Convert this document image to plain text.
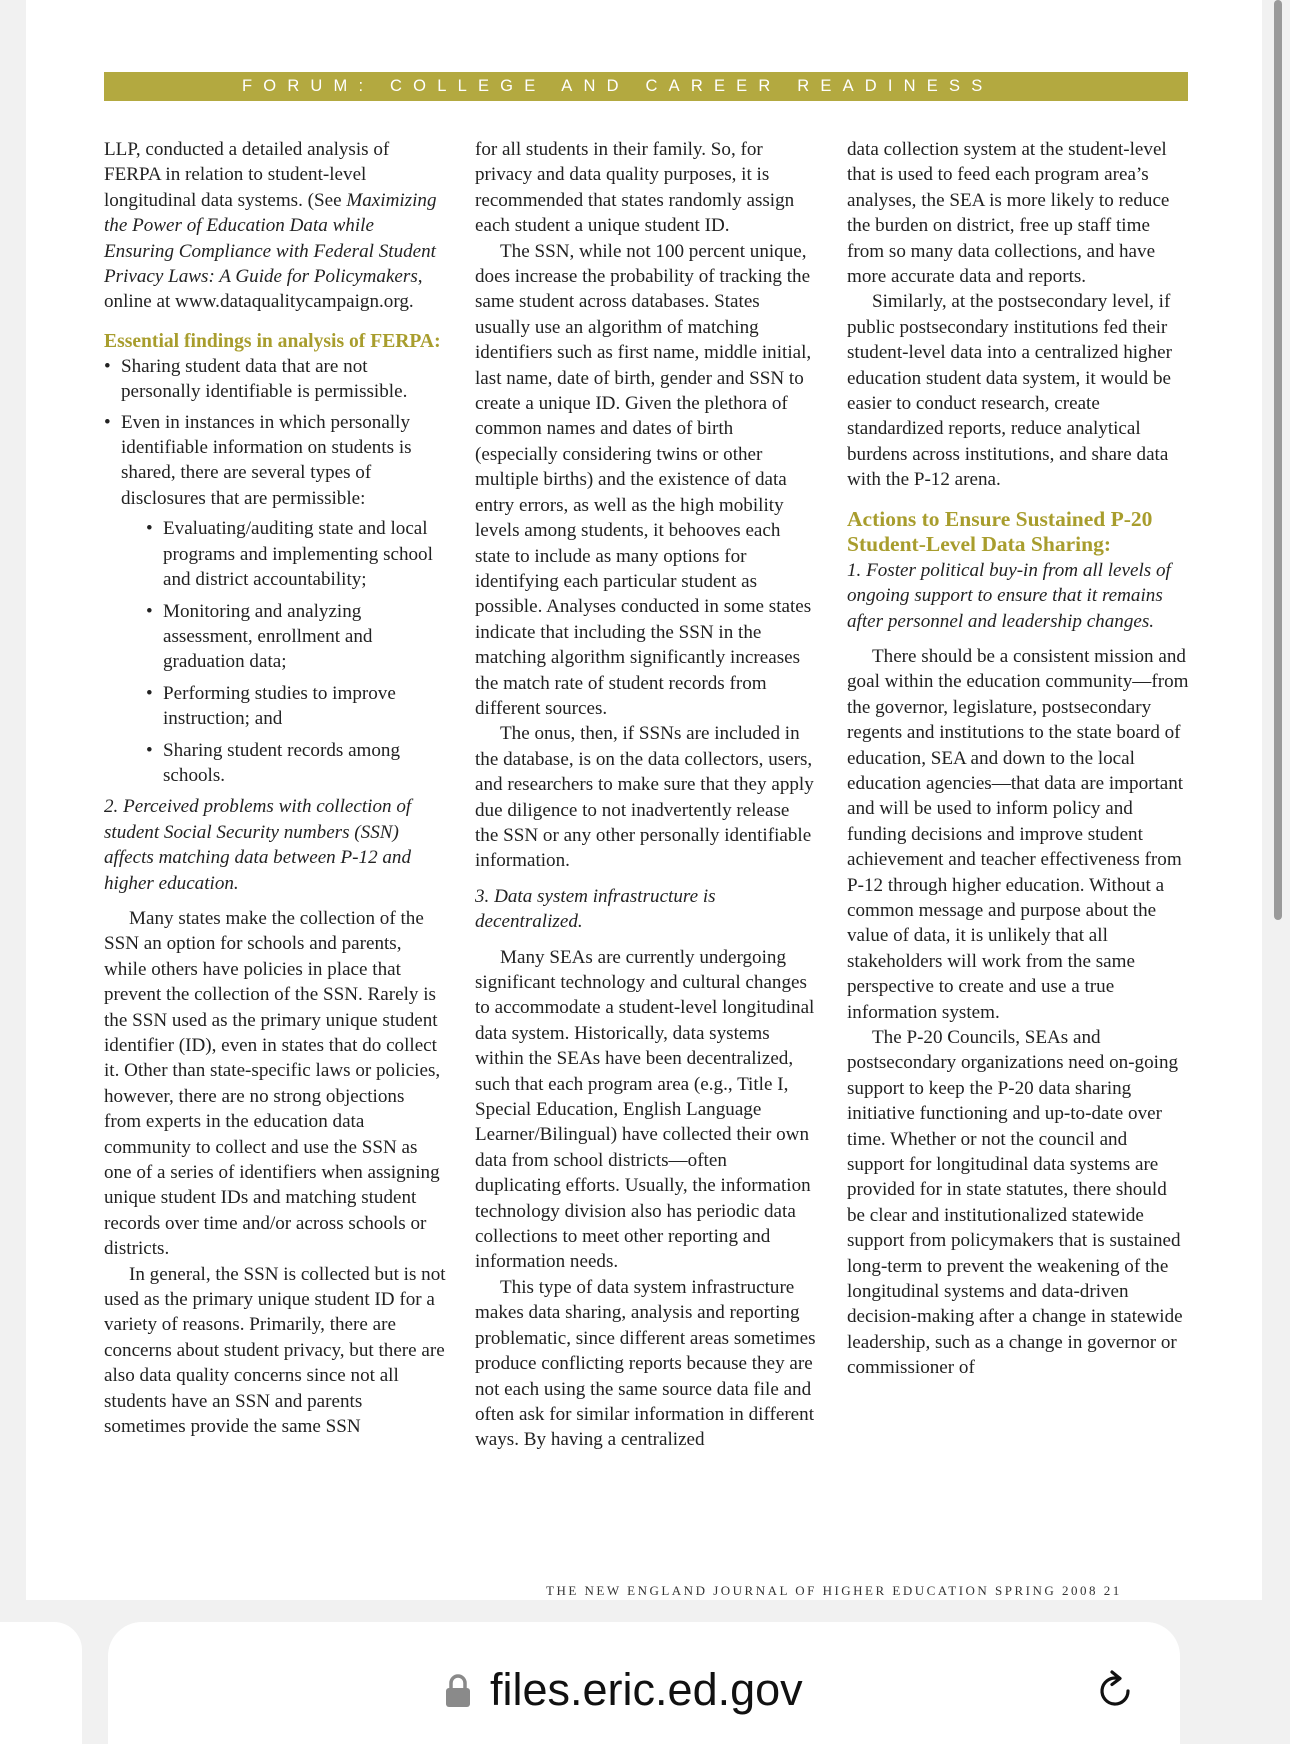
FORUM: COLLEGE AND CAREER READINESS

LLP, conducted a detailed analysis of FERPA in relation to student-level longitudinal data systems. (See Maximizing the Power of Education Data while Ensuring Compliance with Federal Student Privacy Laws: A Guide for Policymakers, online at www.dataqualitycampaign.org.

Essential findings in analysis of FERPA:

• Sharing student data that are not personally identifiable is permissible.
• Even in instances in which personally identifiable information on students is shared, there are several types of disclosures that are permissible:
• Evaluating/auditing state and local programs and implementing school and district accountability;
• Monitoring and analyzing assessment, enrollment and graduation data;
• Performing studies to improve instruction; and
• Sharing student records among schools.

2. Perceived problems with collection of student Social Security numbers (SSN) affects matching data between P-12 and higher education.

Many states make the collection of the SSN an option for schools and parents, while others have policies in place that prevent the collection of the SSN. Rarely is the SSN used as the primary unique student identifier (ID), even in states that do collect it. Other than state-specific laws or policies, however, there are no strong objections from experts in the education data community to collect and use the SSN as one of a series of identifiers when assigning unique student IDs and matching student records over time and/or across schools or districts.

In general, the SSN is collected but is not used as the primary unique student ID for a variety of reasons. Primarily, there are concerns about student privacy, but there are also data quality concerns since not all students have an SSN and parents sometimes provide the same SSN

for all students in their family. So, for privacy and data quality purposes, it is recommended that states randomly assign each student a unique student ID.

The SSN, while not 100 percent unique, does increase the probability of tracking the same student across databases. States usually use an algorithm of matching identifiers such as first name, middle initial, last name, date of birth, gender and SSN to create a unique ID. Given the plethora of common names and dates of birth (especially considering twins or other multiple births) and the existence of data entry errors, as well as the high mobility levels among students, it behooves each state to include as many options for identifying each particular student as possible. Analyses conducted in some states indicate that including the SSN in the matching algorithm significantly increases the match rate of student records from different sources.

The onus, then, if SSNs are included in the database, is on the data collectors, users, and researchers to make sure that they apply due diligence to not inadvertently release the SSN or any other personally identifiable information.

3. Data system infrastructure is decentralized.

Many SEAs are currently undergoing significant technology and cultural changes to accommodate a student-level longitudinal data system. Historically, data systems within the SEAs have been decentralized, such that each program area (e.g., Title I, Special Education, English Language Learner/Bilingual) have collected their own data from school districts—often duplicating efforts. Usually, the information technology division also has periodic data collections to meet other reporting and information needs.

This type of data system infrastructure makes data sharing, analysis and reporting problematic, since different areas sometimes produce conflicting reports because they are not each using the same source data file and often ask for similar information in different ways. By having a centralized

data collection system at the student-level that is used to feed each program area’s analyses, the SEA is more likely to reduce the burden on district, free up staff time from so many data collections, and have more accurate data and reports.

Similarly, at the postsecondary level, if public postsecondary institutions fed their student-level data into a centralized higher education student data system, it would be easier to conduct research, create standardized reports, reduce analytical burdens across institutions, and share data with the P-12 arena.

Actions to Ensure Sustained P-20 Student-Level Data Sharing:

1. Foster political buy-in from all levels of ongoing support to ensure that it remains after personnel and leadership changes.

There should be a consistent mission and goal within the education community—from the governor, legislature, postsecondary regents and institutions to the state board of education, SEA and down to the local education agencies—that data are important and will be used to inform policy and funding decisions and improve student achievement and teacher effectiveness from P-12 through higher education. Without a common message and purpose about the value of data, it is unlikely that all stakeholders will work from the same perspective to create and use a true information system.

The P-20 Councils, SEAs and postsecondary organizations need on-going support to keep the P-20 data sharing initiative functioning and up-to-date over time. Whether or not the council and support for longitudinal data systems are provided for in state statutes, there should be clear and institutionalized statewide support from policymakers that is sustained long-term to prevent the weakening of the longitudinal systems and data-driven decision-making after a change in statewide leadership, such as a change in governor or commissioner of

THE NEW ENGLAND JOURNAL OF HIGHER EDUCATION SPRING 2008 21
files.eric.ed.gov
